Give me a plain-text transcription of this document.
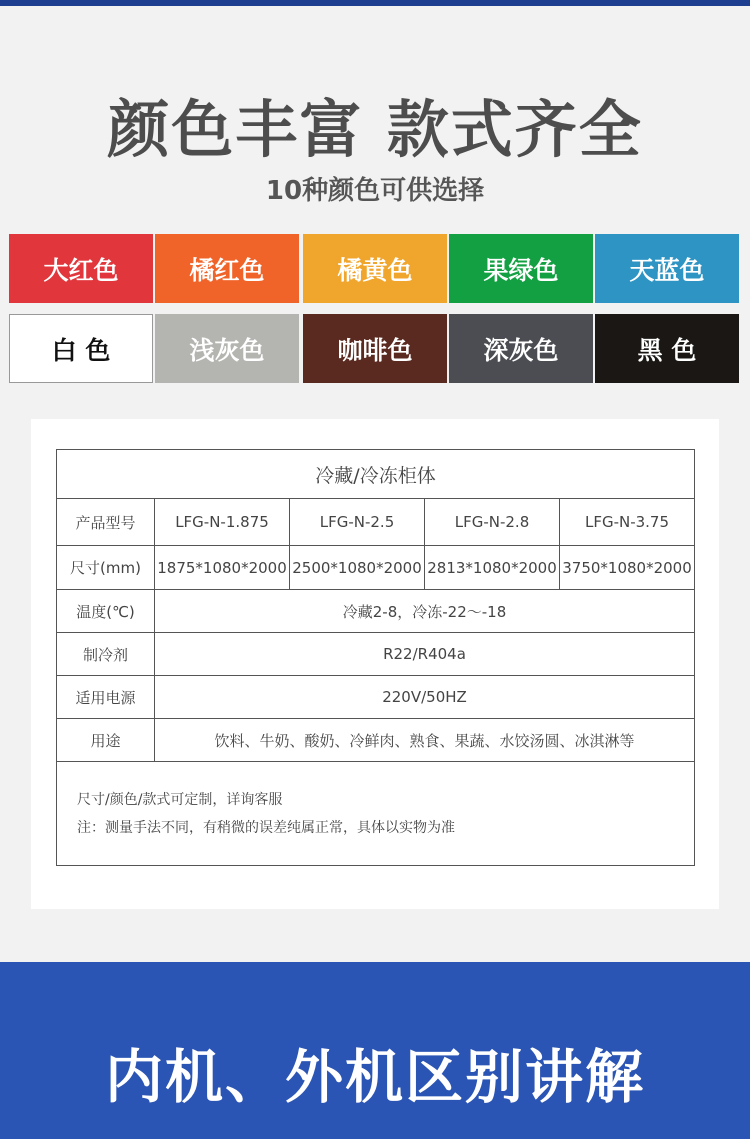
颜色丰富 款式齐全
10种颜色可供选择
大红色	橘红色	橘黄色	果绿色	天蓝色
白 色	浅灰色	咖啡色	深灰色	黑 色
冷藏/冷冻柜体				
产品型号	LFG-N-1.875	LFG-N-2.5	LFG-N-2.8	LFG-N-3.75
尺寸(mm)	1875*1080*2000	2500*1080*2000	2813*1080*2000	3750*1080*2000
温度(℃)	冷藏2-8，冷冻-22～-18			
制冷剂	R22/R404a			
适用电源	220V/50HZ			
用途	饮料、牛奶、酸奶、冷鲜肉、熟食、果蔬、水饺汤圆、冰淇淋等			

尺寸/颜色/款式可定制，详询客服
注：测量手法不同，有稍微的误差纯属正常，具体以实物为准				
内机、外机区别讲解
